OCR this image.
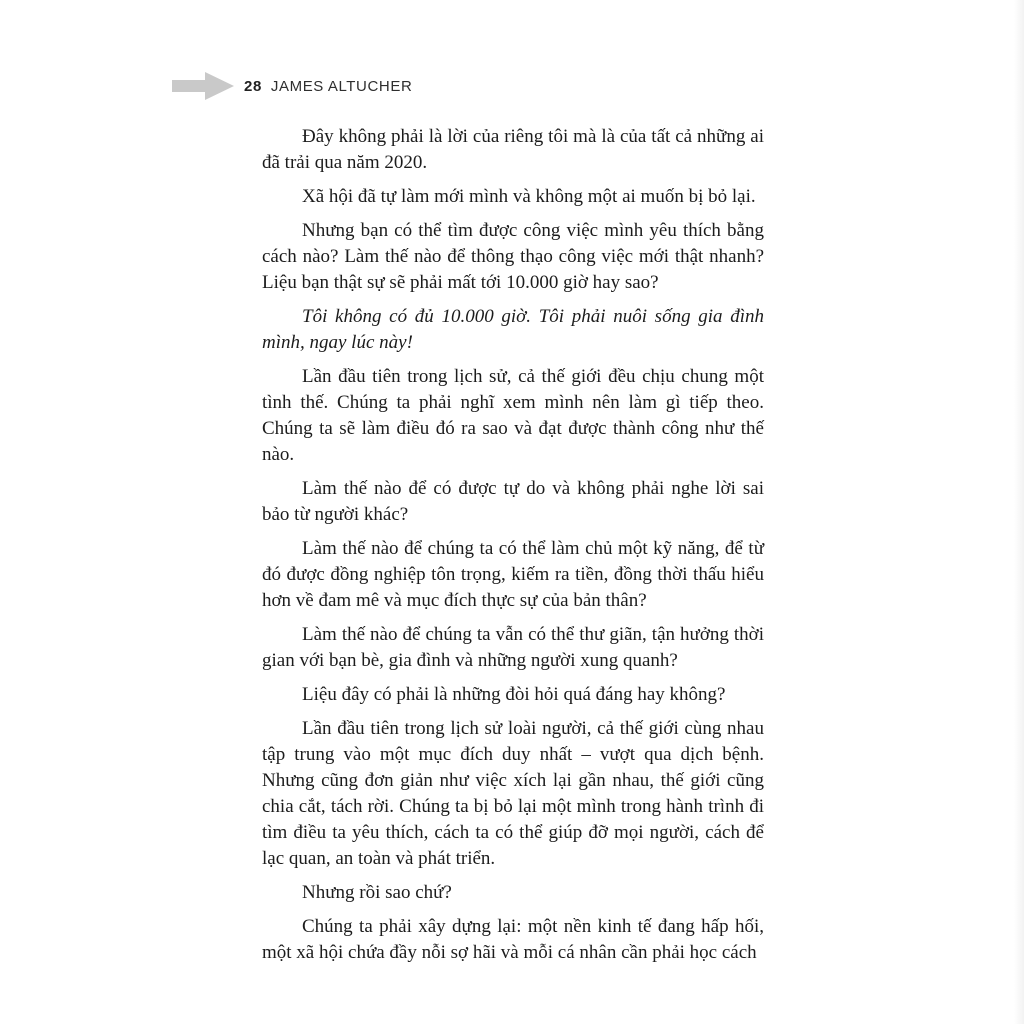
28 JAMES ALTUCHER

Đây không phải là lời của riêng tôi mà là của tất cả những ai đã trải qua năm 2020.

Xã hội đã tự làm mới mình và không một ai muốn bị bỏ lại.

Nhưng bạn có thể tìm được công việc mình yêu thích bằng cách nào? Làm thế nào để thông thạo công việc mới thật nhanh? Liệu bạn thật sự sẽ phải mất tới 10.000 giờ hay sao?

Tôi không có đủ 10.000 giờ. Tôi phải nuôi sống gia đình mình, ngay lúc này!

Lần đầu tiên trong lịch sử, cả thế giới đều chịu chung một tình thế. Chúng ta phải nghĩ xem mình nên làm gì tiếp theo. Chúng ta sẽ làm điều đó ra sao và đạt được thành công như thế nào.

Làm thế nào để có được tự do và không phải nghe lời sai bảo từ người khác?

Làm thế nào để chúng ta có thể làm chủ một kỹ năng, để từ đó được đồng nghiệp tôn trọng, kiếm ra tiền, đồng thời thấu hiểu hơn về đam mê và mục đích thực sự của bản thân?

Làm thế nào để chúng ta vẫn có thể thư giãn, tận hưởng thời gian với bạn bè, gia đình và những người xung quanh?

Liệu đây có phải là những đòi hỏi quá đáng hay không?

Lần đầu tiên trong lịch sử loài người, cả thế giới cùng nhau tập trung vào một mục đích duy nhất – vượt qua dịch bệnh. Nhưng cũng đơn giản như việc xích lại gần nhau, thế giới cũng chia cắt, tách rời. Chúng ta bị bỏ lại một mình trong hành trình đi tìm điều ta yêu thích, cách ta có thể giúp đỡ mọi người, cách để lạc quan, an toàn và phát triển.

Nhưng rồi sao chứ?

Chúng ta phải xây dựng lại: một nền kinh tế đang hấp hối, một xã hội chứa đầy nỗi sợ hãi và mỗi cá nhân cần phải học cách
